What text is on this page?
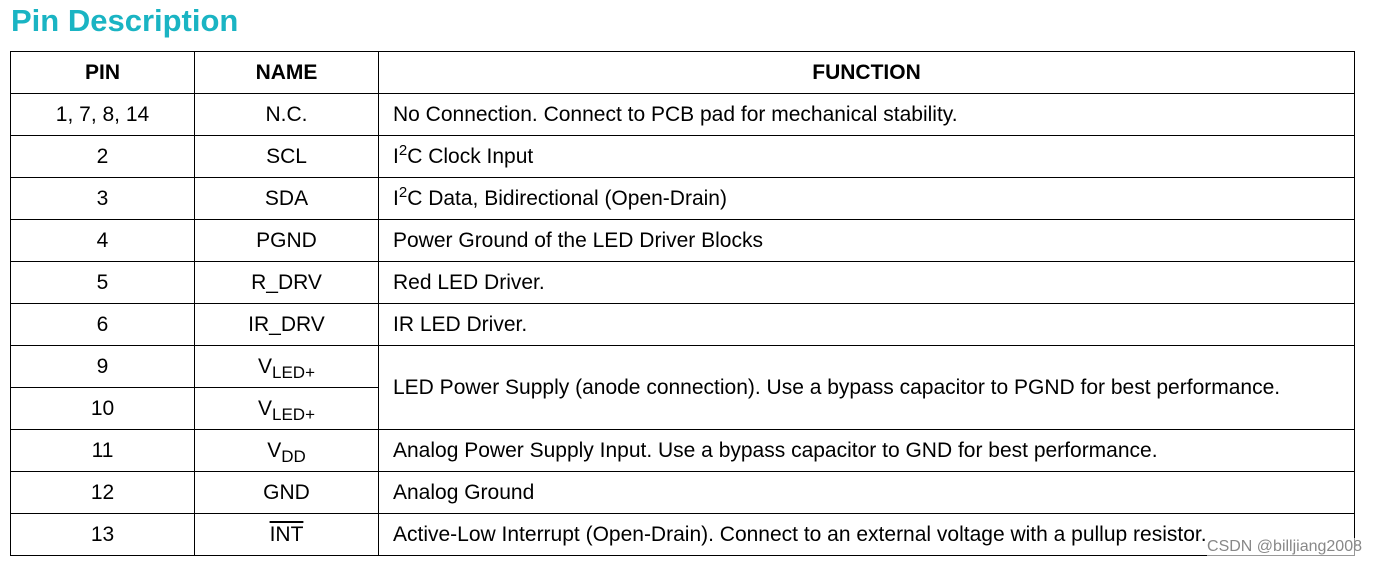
Pin Description
PIN	NAME	FUNCTION
1, 7, 8, 14	N.C.	No Connection. Connect to PCB pad for mechanical stability.
2	SCL	$I^2C$ Clock Input
3	SDA	$I^2C$ Data, Bidirectional (Open-Drain)
4	PGND	Power Ground of the LED Driver Blocks
5	R_DRV	Red LED Driver.
6	IR_DRV	IR LED Driver.
9	$V_{LED+}$	LED Power Supply (anode connection). Use a bypass capacitor to PGND for best performance.
10	$V_{LED+}$
11	$V_{DD}$	Analog Power Supply Input. Use a bypass capacitor to GND for best performance.
12	GND	Analog Ground
13	$\overline{INT}$	Active-Low Interrupt (Open-Drain). Connect to an external voltage with a pullup resistor.
CSDN @billjiang2008
